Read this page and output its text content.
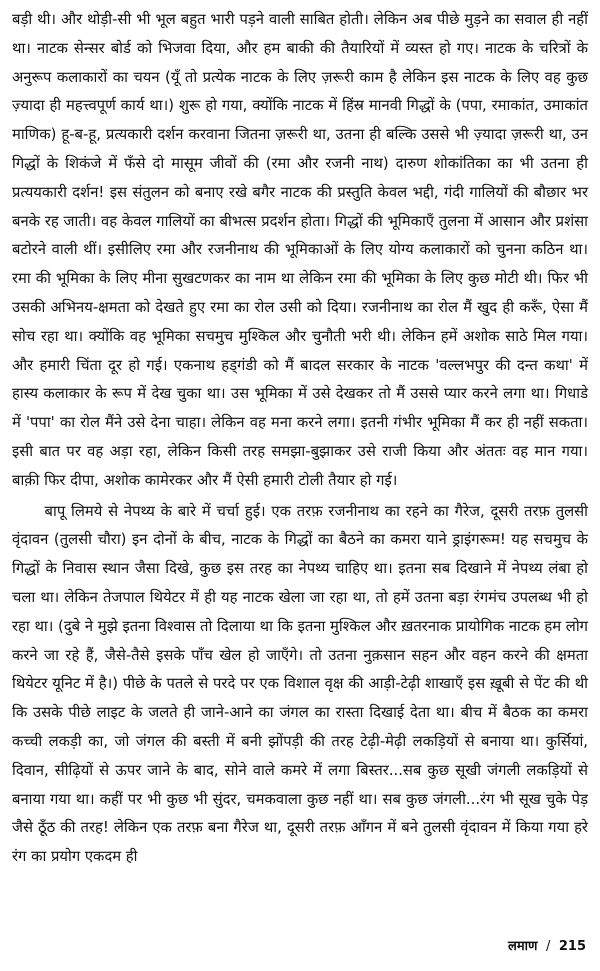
बड़ी थी। और थोड़ी-सी भी भूल बहुत भारी पड़ने वाली साबित होती। लेकिन अब पीछे मुड़ने का सवाल ही नहीं था। नाटक सेन्सर बोर्ड को भिजवा दिया, और हम बाकी की तैयारियों में व्यस्त हो गए। नाटक के चरित्रों के अनुरूप कलाकारों का चयन (यूँ तो प्रत्येक नाटक के लिए ज़रूरी काम है लेकिन इस नाटक के लिए वह कुछ ज़्यादा ही महत्त्वपूर्ण कार्य था।) शुरू हो गया, क्योंकि नाटक में हिंस्र मानवी गिद्धों के (पपा, रमाकांत, उमाकांत माणिक) हू-ब-हू, प्रत्यकारी दर्शन करवाना जितना ज़रूरी था, उतना ही बल्कि उससे भी ज़्यादा ज़रूरी था, उन गिद्धों के शिकंजे में फँसे दो मासूम जीवों की (रमा और रजनी नाथ) दारुण शोकांतिका का भी उतना ही प्रत्ययकारी दर्शन! इस संतुलन को बनाए रखे बगैर नाटक की प्रस्तुति केवल भद्दी, गंदी गालियों की बौछार भर बनके रह जाती। वह केवल गालियों का बीभत्स प्रदर्शन होता। गिद्धों की भूमिकाएँ तुलना में आसान और प्रशंसा बटोरने वाली थीं। इसीलिए रमा और रजनीनाथ की भूमिकाओं के लिए योग्य कलाकारों को चुनना कठिन था। रमा की भूमिका के लिए मीना सुखटणकर का नाम था लेकिन रमा की भूमिका के लिए कुछ मोटी थी। फिर भी उसकी अभिनय-क्षमता को देखते हुए रमा का रोल उसी को दिया। रजनीनाथ का रोल मैं खुद ही करूँ, ऐसा मैं सोच रहा था। क्योंकि वह भूमिका सचमुच मुश्किल और चुनौती भरी थी। लेकिन हमें अशोक साठे मिल गया। और हमारी चिंता दूर हो गई। एकनाथ हड्गंडी को मैं बादल सरकार के नाटक 'वल्लभपुर की दन्त कथा' में हास्य कलाकार के रूप में देख चुका था। उस भूमिका में उसे देखकर तो मैं उससे प्यार करने लगा था। गिधाडे में 'पपा' का रोल मैंने उसे देना चाहा। लेकिन वह मना करने लगा। इतनी गंभीर भूमिका मैं कर ही नहीं सकता। इसी बात पर वह अड़ा रहा, लेकिन किसी तरह समझा-बुझाकर उसे राजी किया और अंततः वह मान गया। बाक़ी फिर दीपा, अशोक कामेरकर और मैं ऐसी हमारी टोली तैयार हो गई।

बापू लिमये से नेपथ्य के बारे में चर्चा हुई। एक तरफ़ रजनीनाथ का रहने का गैरेज, दूसरी तरफ़ तुलसी वृंदावन (तुलसी चौरा) इन दोनों के बीच, नाटक के गिद्धों का बैठने का कमरा याने ड्राइंगरूम! यह सचमुच के गिद्धों के निवास स्थान जैसा दिखे, कुछ इस तरह का नेपथ्य चाहिए था। इतना सब दिखाने में नेपथ्य लंबा हो चला था। लेकिन तेजपाल थियेटर में ही यह नाटक खेला जा रहा था, तो हमें उतना बड़ा रंगमंच उपलब्ध भी हो रहा था। (दुबे ने मुझे इतना विश्वास तो दिलाया था कि इतना मुश्किल और ख़तरनाक प्रायोगिक नाटक हम लोग करने जा रहे हैं, जैसे-तैसे इसके पाँच खेल हो जाएँगे। तो उतना नुक़सान सहन और वहन करने की क्षमता थियेटर यूनिट में है।) पीछे के पतले से परदे पर एक विशाल वृक्ष की आड़ी-टेढ़ी शाखाएँ इस ख़ूबी से पेंट की थी कि उसके पीछे लाइट के जलते ही जाने-आने का जंगल का रास्ता दिखाई देता था। बीच में बैठक का कमरा कच्ची लकड़ी का, जो जंगल की बस्ती में बनी झोंपड़ी की तरह टेढ़ी-मेढ़ी लकड़ियों से बनाया था। कुर्सियां, दिवान, सीढ़ियों से ऊपर जाने के बाद, सोने वाले कमरे में लगा बिस्तर...सब कुछ सूखी जंगली लकड़ियों से बनाया गया था। कहीं पर भी कुछ भी सुंदर, चमकवाला कुछ नहीं था। सब कुछ जंगली...रंग भी सूख चुके पेड़ जैसे ठूँठ की तरह! लेकिन एक तरफ़ बना गैरेज था, दूसरी तरफ़ आँगन में बने तुलसी वृंदावन में किया गया हरे रंग का प्रयोग एकदम ही

लमाण / 215
